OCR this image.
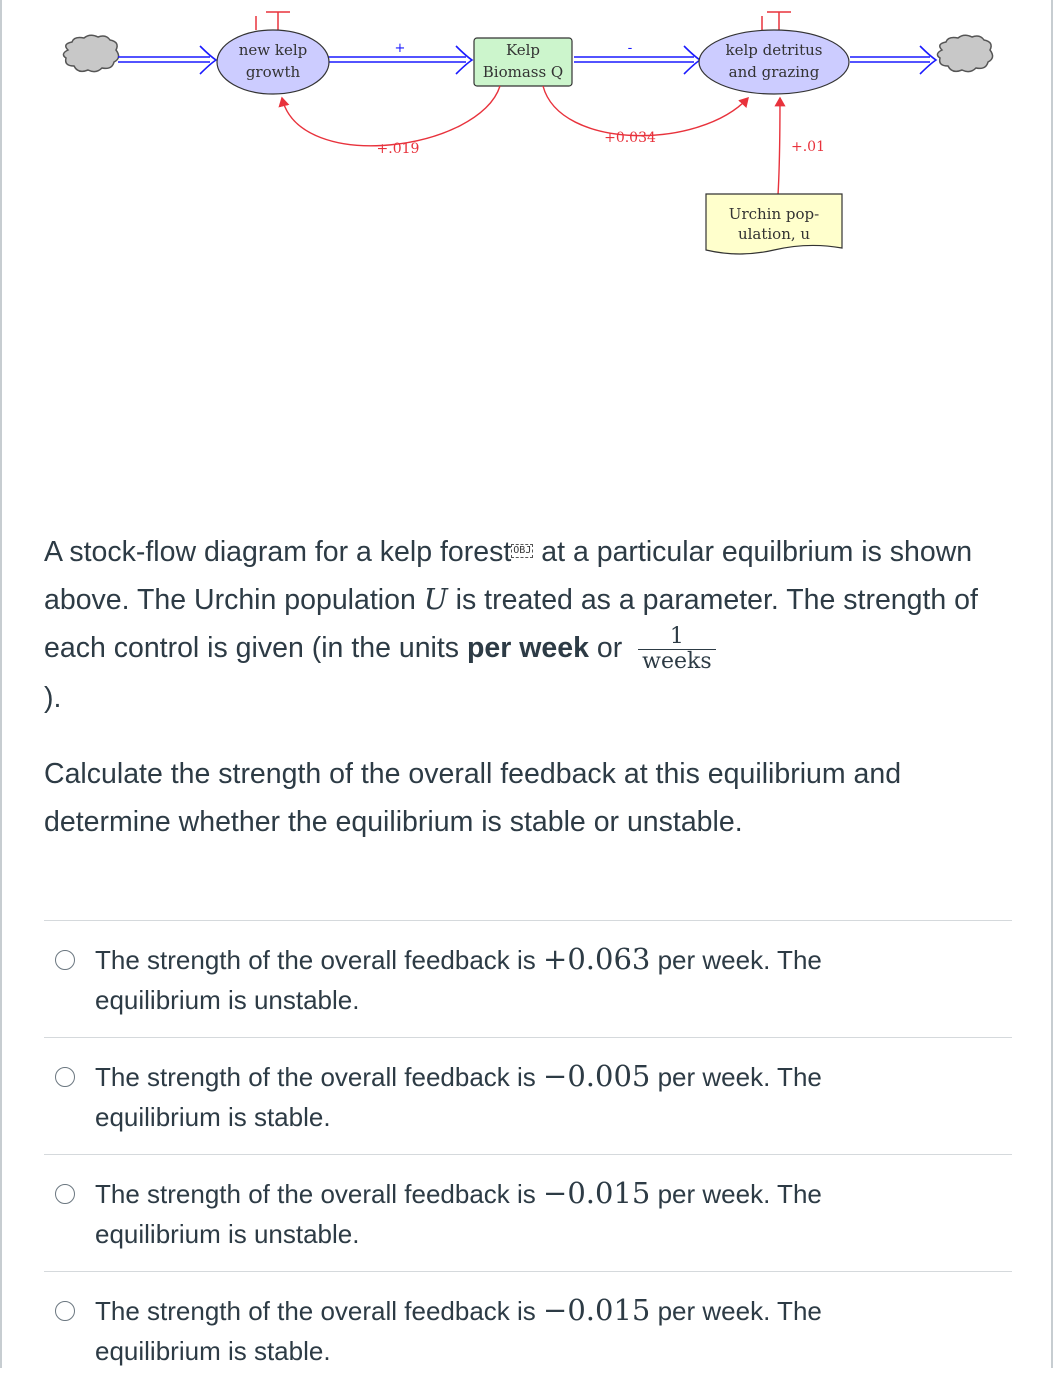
new kelp
growth
Kelp
Biomass Q
kelp detritus
and grazing
+	-
+.019
+0.034
+.01
Urchin pop-
ulation, u

A stock-flow diagram for a kelp forest OBJ at a particular equilbrium is shown above. The Urchin population U is treated as a parameter. The strength of each control is given (in the units per week or $\frac{1}{\text{weeks}}$

).

Calculate the strength of the overall feedback at this equilibrium and determine whether the equilibrium is stable or unstable.

The strength of the overall feedback is +0.063 per week. The equilibrium is unstable.
The strength of the overall feedback is −0.005 per week. The equilibrium is stable.
The strength of the overall feedback is −0.015 per week. The equilibrium is unstable.
The strength of the overall feedback is −0.015 per week. The equilibrium is stable.
